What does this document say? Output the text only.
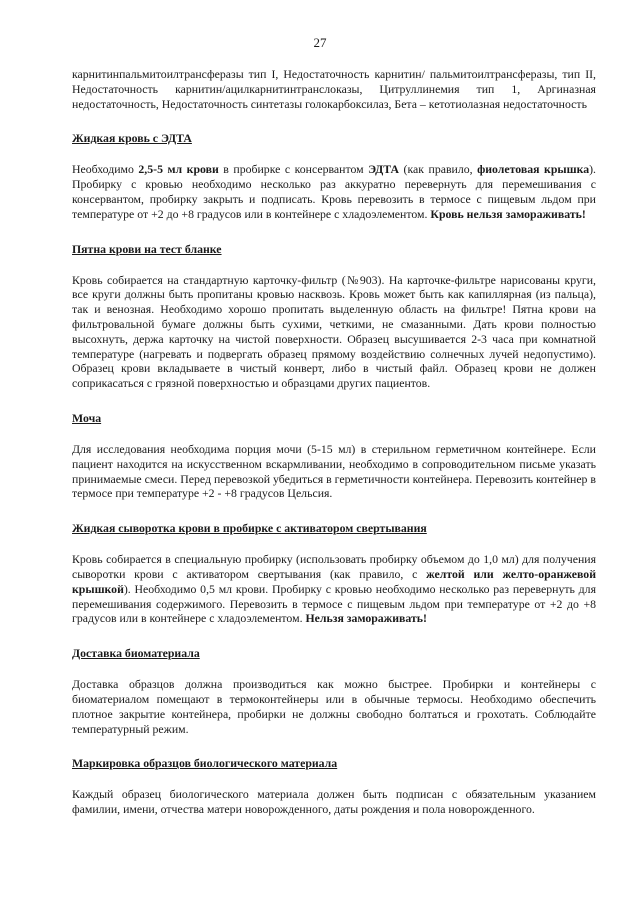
27

карнитинпальмитоилтрансферазы тип I, Недостаточность карнитин/ пальмитоилтрансферазы, тип II, Недостаточность карнитин/ацилкарнитинтранслоказы, Цитруллинемия тип 1, Аргиназная недостаточность, Недостаточность синтетазы голокарбоксилаз, Бета – кетотиолазная недостаточность

Жидкая кровь с ЭДТА

Необходимо 2,5-5 мл крови в пробирке с консервантом ЭДТА (как правило, фиолетовая крышка). Пробирку с кровью необходимо несколько раз аккуратно перевернуть для перемешивания с консервантом, пробирку закрыть и подписать. Кровь перевозить в термосе с пищевым льдом при температуре от +2 до +8 градусов или в контейнере с хладоэлементом. Кровь нельзя замораживать!

Пятна крови на тест бланке

Кровь собирается на стандартную карточку-фильтр (№903). На карточке-фильтре нарисованы круги, все круги должны быть пропитаны кровью насквозь. Кровь может быть как капиллярная (из пальца), так и венозная. Необходимо хорошо пропитать выделенную область на фильтре! Пятна крови на фильтровальной бумаге должны быть сухими, четкими, не смазанными. Дать крови полностью высохнуть, держа карточку на чистой поверхности. Образец высушивается 2-3 часа при комнатной температуре (нагревать и подвергать образец прямому воздействию солнечных лучей недопустимо). Образец крови вкладываете в чистый конверт, либо в чистый файл. Образец крови не должен соприкасаться с грязной поверхностью и образцами других пациентов.

Моча

Для исследования необходима порция мочи (5-15 мл) в стерильном герметичном контейнере. Если пациент находится на искусственном вскармливании, необходимо в сопроводительном письме указать принимаемые смеси. Перед перевозкой убедиться в герметичности контейнера. Перевозить контейнер в термосе при температуре +2 - +8 градусов Цельсия.

Жидкая сыворотка крови в пробирке с активатором свертывания

Кровь собирается в специальную пробирку (использовать пробирку объемом до 1,0 мл) для получения сыворотки крови с активатором свертывания (как правило, с желтой или желто-оранжевой крышкой). Необходимо 0,5 мл крови. Пробирку с кровью необходимо несколько раз перевернуть для перемешивания содержимого. Перевозить в термосе с пищевым льдом при температуре от +2 до +8 градусов или в контейнере с хладоэлементом. Нельзя замораживать!

Доставка биоматериала

Доставка образцов должна производиться как можно быстрее. Пробирки и контейнеры с биоматериалом помещают в термоконтейнеры или в обычные термосы. Необходимо обеспечить плотное закрытие контейнера, пробирки не должны свободно болтаться и грохотать. Соблюдайте температурный режим.

Маркировка образцов биологического материала

Каждый образец биологического материала должен быть подписан с обязательным указанием фамилии, имени, отчества матери новорожденного, даты рождения и пола новорожденного.
